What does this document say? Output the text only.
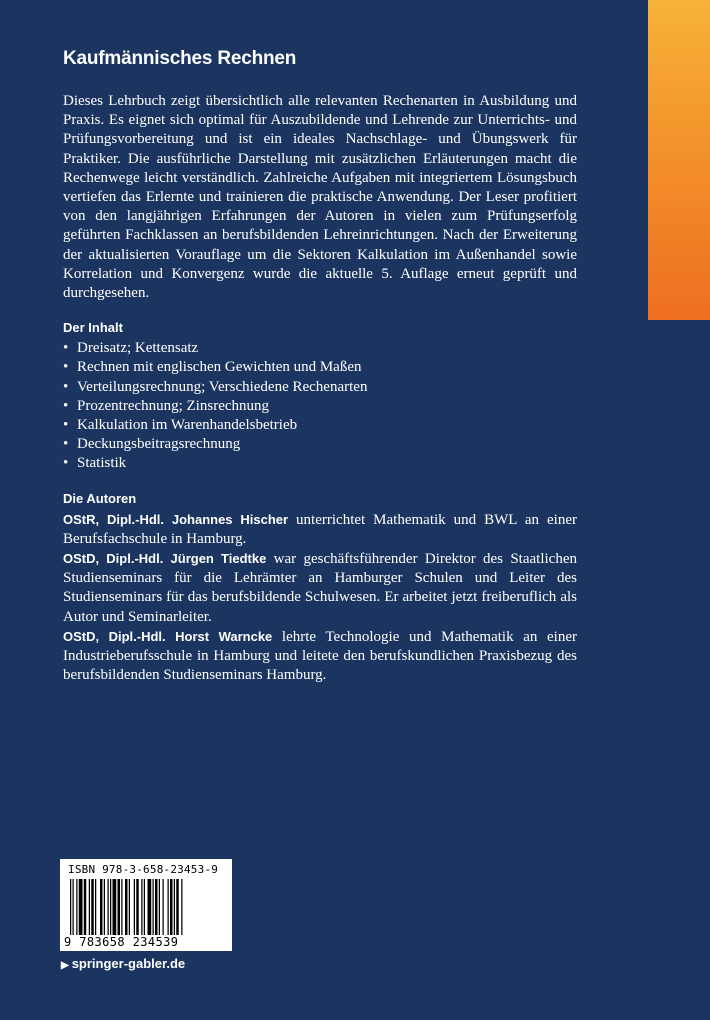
Kaufmännisches Rechnen

Dieses Lehrbuch zeigt übersichtlich alle relevanten Rechenarten in Ausbildung und Praxis. Es eignet sich optimal für Auszubildende und Lehrende zur Unterrichts- und Prüfungsvorbereitung und ist ein ideales Nachschlage- und Übungswerk für Praktiker. Die ausführliche Darstellung mit zusätzlichen Erläuterungen macht die Rechenwege leicht verständlich. Zahlreiche Aufgaben mit integriertem Lösungsbuch vertiefen das Erlernte und trainieren die praktische Anwendung. Der Leser profitiert von den langjährigen Erfahrungen der Autoren in vielen zum Prüfungserfolg geführten Fachklassen an berufsbildenden Lehreinrichtungen. Nach der Erweiterung der aktualisierten Vorauflage um die Sektoren Kalkulation im Außenhandel sowie Korrelation und Konvergenz wurde die aktuelle 5. Auflage erneut geprüft und durchgesehen.

Der Inhalt
• Dreisatz; Kettensatz
• Rechnen mit englischen Gewichten und Maßen
• Verteilungsrechnung; Verschiedene Rechenarten
• Prozentrechnung; Zinsrechnung
• Kalkulation im Warenhandelsbetrieb
• Deckungsbeitragsrechnung
• Statistik
Die Autoren

OStR, Dipl.-Hdl. Johannes Hischer unterrichtet Mathematik und BWL an einer Berufsfachschule in Hamburg.

OStD, Dipl.-Hdl. Jürgen Tiedtke war geschäftsführender Direktor des Staatlichen Studienseminars für die Lehrämter an Hamburger Schulen und Leiter des Studienseminars für das berufsbildende Schulwesen. Er arbeitet jetzt freiberuflich als Autor und Seminarleiter.

OStD, Dipl.-Hdl. Horst Warncke lehrte Technologie und Mathematik an einer Industrieberufsschule in Hamburg und leitete den berufskundlichen Praxisbezug des berufsbildenden Studienseminars Hamburg.

ISBN 978-3-658-23453-9
9 783658 234539
▶ springer-gabler.de
